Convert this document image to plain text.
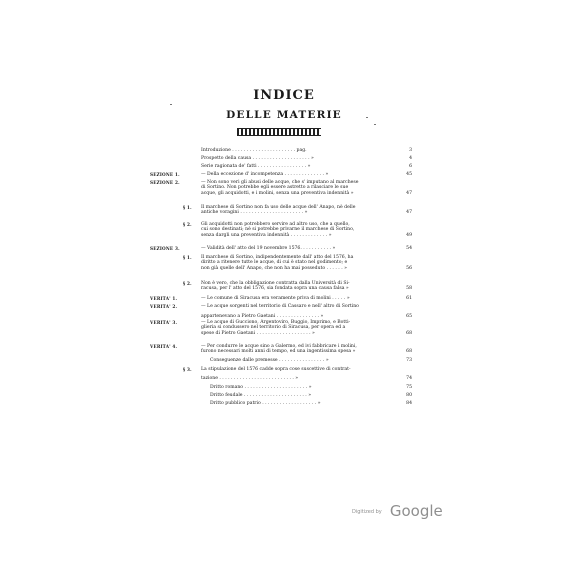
INDICE
DELLE MATERIE
Introduzione . . . . . . . . . . . . . . . . . . . . . . pag.	3
Prospetto della causa . . . . . . . . . . . . . . . . . . . . »	4
Serie ragionata de' fatti . . . . . . . . . . . . . . . . . »	6
SEZIONE 1.	— Della eccezione d' incompetenza . . . . . . . . . . . . . . »	45
SEZIONE 2.	— Non sono veri gli abusi delle acque, che s' imputano al marchese
di Sortino. Non potrebbe egli essere astretto a rilasciare le sue
acque, gli acquidotti, e i molini, senza una preventiva indennità »	47
§ 1.	Il marchese di Sortino non fa uso delle acque dell' Anapo, nè delle
antiche voragini . . . . . . . . . . . . . . . . . . . . . . »	47
§ 2.	Gli acquidotti non potrebbero servire ad altro uso, che a quello,
cui sono destinati; nè si potrebbe privarne il marchese di Sortino,
senza dargli una preventiva indennità . . . . . . . . . . . . . »	49
SEZIONE 3.	— Validità dell' atto del 19 novembre 1576. . . . . . . . . . . »	54
§ 1.	Il marchese di Sortino, indipendentemente dall' atto del 1576, ha
diritto a ritenere tutte le acque, di cui è stato nel godimento; e
non già quelle dell' Anapo, che non ha mai posseduto . . . . . . »	56
§ 2.	Non è vero, che la obbligazione contratta dalla Università di Si-
racusa, per l' atto del 1576, sia fondata sopra una causa falsa »	58
VERITA' 1.	— Le comune di Siracusa era veramente priva di molini . . . . . »	61
VERITA' 2.	— Le acque sorgenti nel territorio di Cassaro e nell' altro di Sortino
appartenevano a Pietro Gaetani . . . . . . . . . . . . . . . »	65
VERITA' 3.	— Le acque di Gucciono, Argentoviro, Buggio, Imprimo, e Botti-
glieria si condussero nel territorio di Siracusa, per opera ed a
spese di Pietro Gaetani . . . . . . . . . . . . . . . . . . . »	68
VERITA' 4.	— Per condurre le acque sino a Galermo, ed ivi fabbricare i molini,
furono necessari molti anni di tempo, ed una ingentissima spesa »	68
Conseguenze dalle premesse . . . . . . . . . . . . . . . . »	73
§ 3.	La stipulazione del 1576 cadde sopra cose suscettive di contrat-
tazione . . . . . . . . . . . . . . . . . . . . . . . . . . »	74
Dritto romano . . . . . . . . . . . . . . . . . . . . . . »	75
Dritto feudale . . . . . . . . . . . . . . . . . . . . . . »	80
Dritto pubblico patrio . . . . . . . . . . . . . . . . . . . »	84
Digitized by Google
